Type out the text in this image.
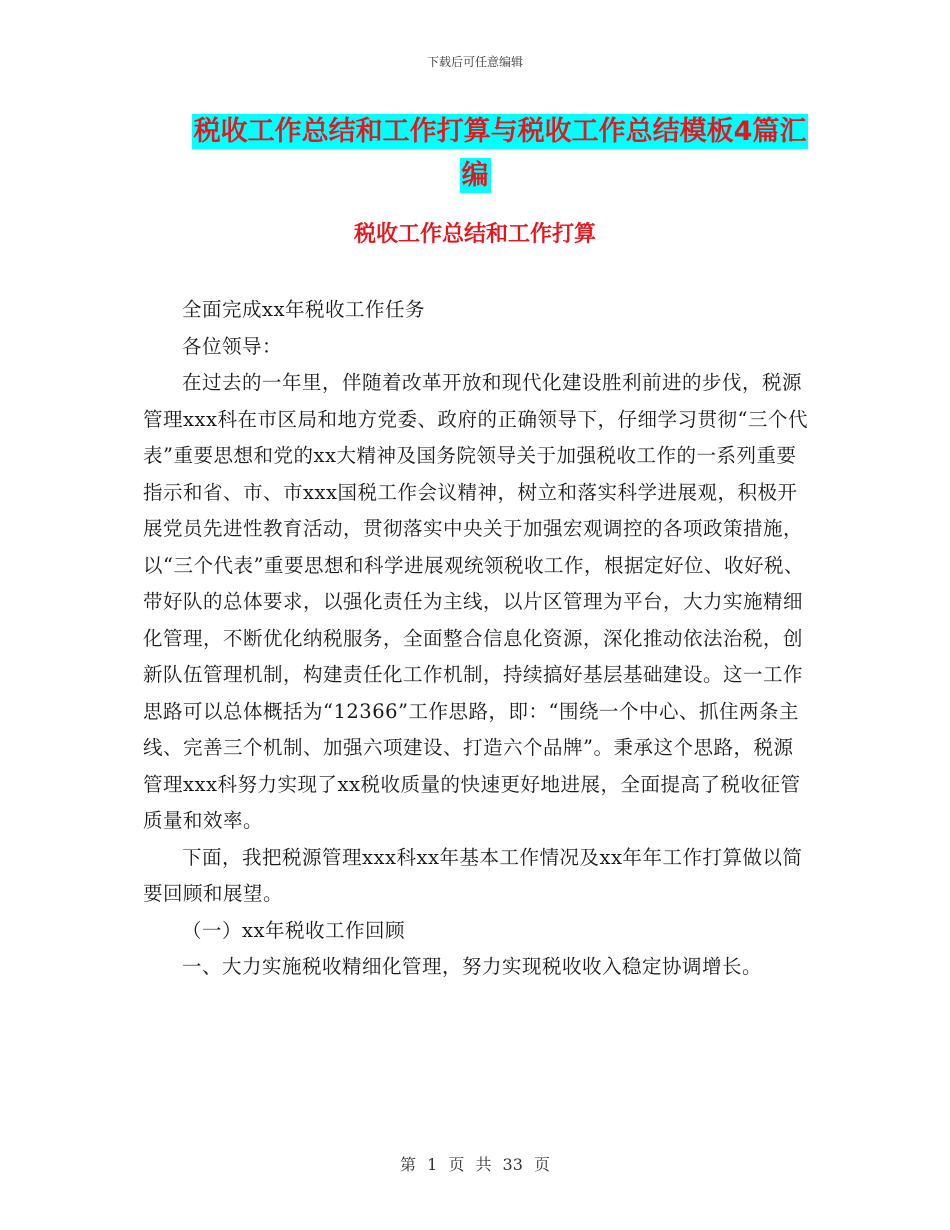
下载后可任意编辑
税收工作总结和工作打算与税收工作总结模板4篇汇
编
税收工作总结和工作打算

全面完成xx年税收工作任务

各位领导：

在过去的一年里，伴随着改革开放和现代化建设胜利前进的步伐，税源管理xxx科在市区局和地方党委、政府的正确领导下，仔细学习贯彻“三个代表”重要思想和党的xx大精神及国务院领导关于加强税收工作的一系列重要指示和省、市、市xxx国税工作会议精神，树立和落实科学进展观，积极开展党员先进性教育活动，贯彻落实中央关于加强宏观调控的各项政策措施，以“三个代表”重要思想和科学进展观统领税收工作，根据定好位、收好税、带好队的总体要求，以强化责任为主线，以片区管理为平台，大力实施精细化管理，不断优化纳税服务，全面整合信息化资源，深化推动依法治税，创新队伍管理机制，构建责任化工作机制，持续搞好基层基础建设。这一工作思路可以总体概括为“12366”工作思路，即：“围绕一个中心、抓住两条主线、完善三个机制、加强六项建设、打造六个品牌”。秉承这个思路，税源管理xxx科努力实现了xx税收质量的快速更好地进展，全面提高了税收征管质量和效率。

下面，我把税源管理xxx科xx年基本工作情况及xx年年工作打算做以简要回顾和展望。

（一）xx年税收工作回顾

一、大力实施税收精细化管理，努力实现税收收入稳定协调增长。

第 1 页 共 33 页
